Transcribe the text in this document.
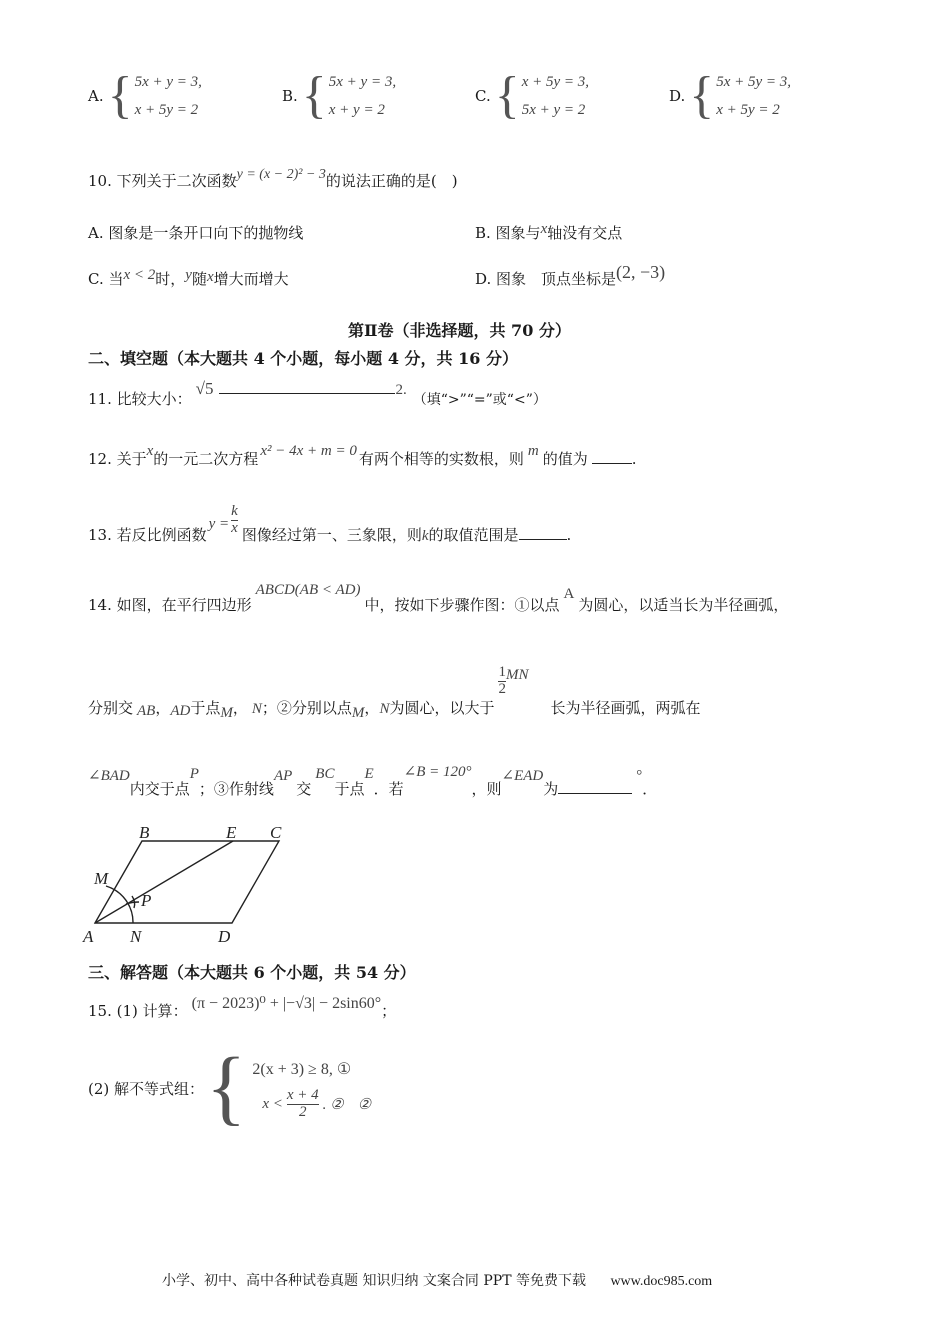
A. { 5x + y = 3,
x + 5y = 2
B. { 5x + y = 3,
x + y = 2
C. { x + 5y = 3,
5x + y = 2
D. { 5x + 5y = 3,
x + 5y = 2
10. 下列关于二次函数y = (x − 2)² − 3的说法正确的是(　)
A. 图象是一条开口向下的抛物线	B. 图象与x轴没有交点
C. 当x < 2时，y随x增大而增大	D. 图象　顶点坐标是(2, −3)
第Ⅱ卷（非选择题，共 70 分）
二、填空题（本大题共 4 个小题，每小题 4 分，共 16 分）
11. 比较大小：√5	2.（填“>”“=”或“<”）
12. 关于x的一元二次方程 x² − 4x + m = 0 有两个相等的实数根，则 m 的值为	.
13. 若反比例函数$y = \frac{k}{x}$ 图像经过第一、三象限，则k的取值范围是	.
14. 如图，在平行四边形ABCD(AB < AD)中，按如下步骤作图：①以点A为圆心，以适当长为半径画弧，
分别交 AB，AD于点M， N；②分别以点M，N为圆心，以大于
$\frac{1}{2}$ MN长为半径画弧，两弧在
∠BAD内交于点P；③作射线AP交BC于点E．若∠B = 120°，则∠EAD为°．
A
B	C
D
E
M
N
P
三、解答题（本大题共 6 个小题，共 54 分）
15. (1) 计算： (π − 2023)⁰ + |−√3| − 2sin60°；
(2) 解不等式组： { 2(x + 3) ≥ 8, ①
$x < \frac{x + 4}{2}$ . ② ②
小学、初中、高中各种试卷真题 知识归纳 文案合同 PPT 等免费下载 www.doc985.com
